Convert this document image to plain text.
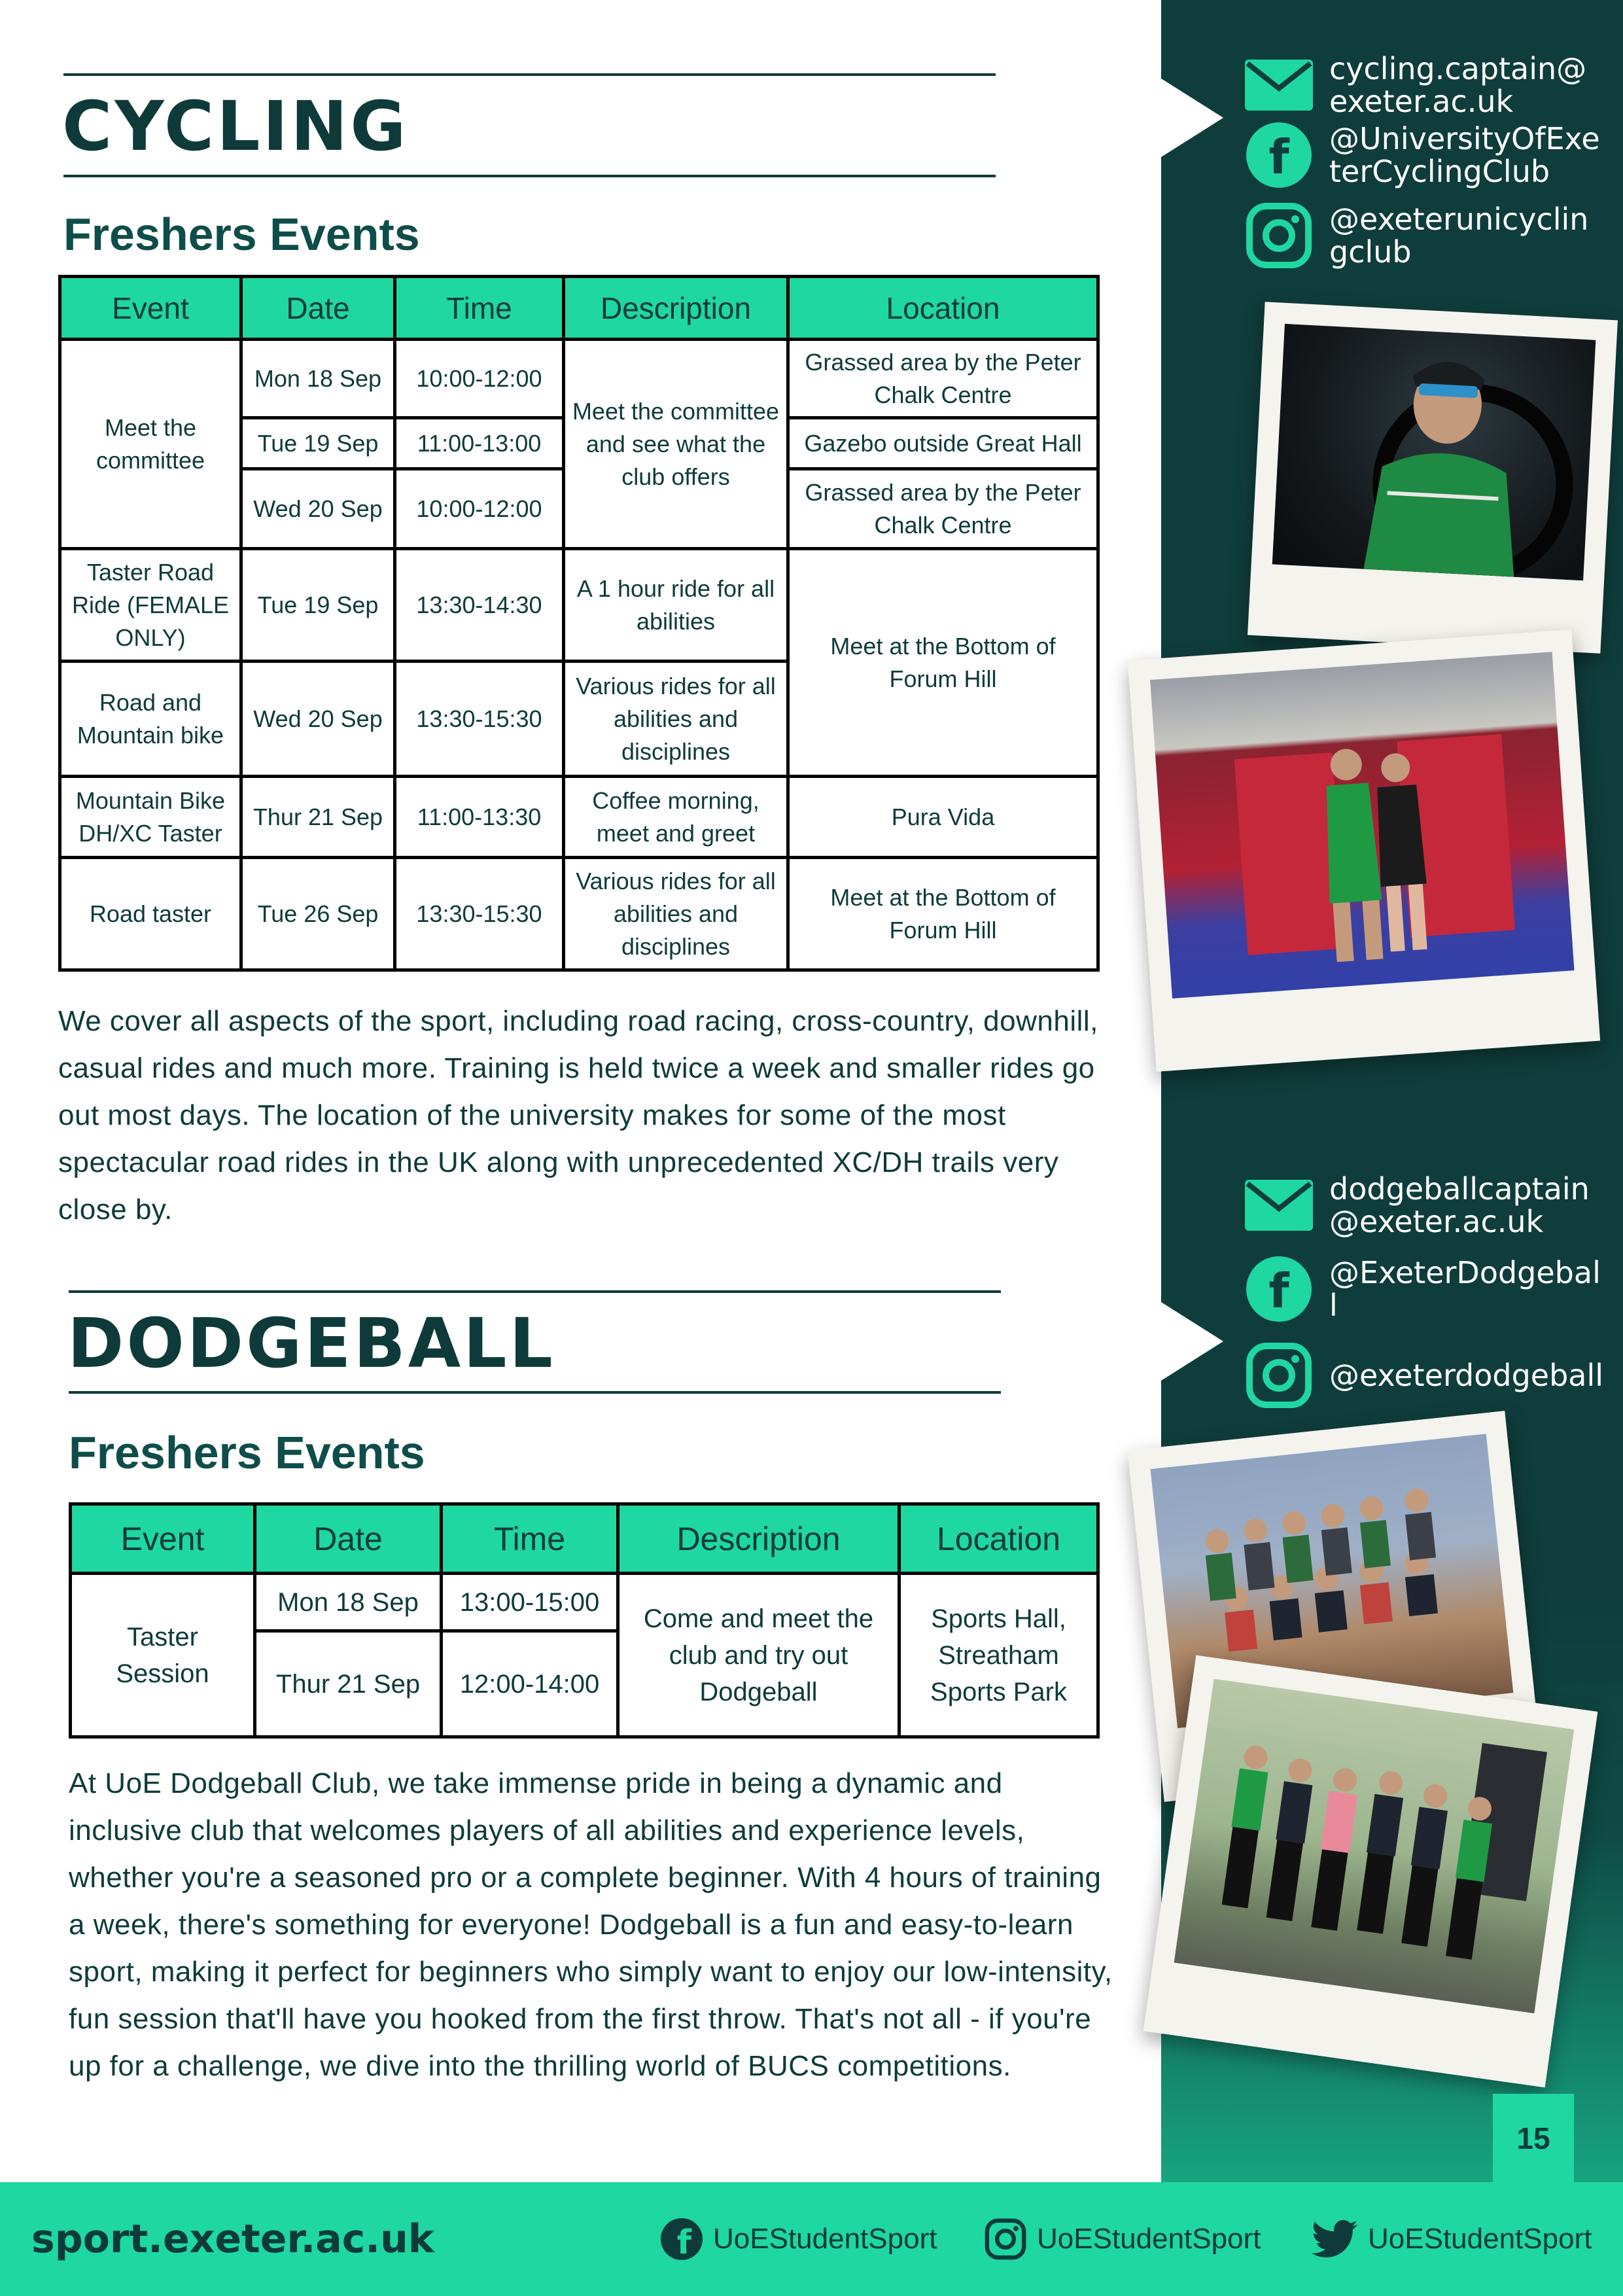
cycling.captain@exeter.ac.uk
f @UniversityOfExeterCyclingClub
@exeterunicyclingclub
dodgeballcaptain@exeter.ac.uk
f @ExeterDodgeball
@exeterdodgeball
15
CYCLING
Freshers Events
Event	Date	Time	Description	Location
Meet the committee	Mon 18 Sep	10:00-12:00	Meet the committee and see what the club offers	Grassed area by the Peter Chalk Centre
	Tue 19 Sep	11:00-13:00		Gazebo outside Great Hall
	Wed 20 Sep	10:00-12:00		Grassed area by the Peter Chalk Centre
Taster Road Ride (FEMALE ONLY)	Tue 19 Sep	13:30-14:30	A 1 hour ride for all abilities	Meet at the Bottom of Forum Hill
Road and Mountain bike	Wed 20 Sep	13:30-15:30	Various rides for all abilities and disciplines	
Mountain Bike DH/XC Taster	Thur 21 Sep	11:00-13:30	Coffee morning, meet and greet	Pura Vida
Road taster	Tue 26 Sep	13:30-15:30	Various rides for all abilities and disciplines	Meet at the Bottom of Forum Hill
We cover all aspects of the sport, including road racing, cross-country, downhill, casual rides and much more. Training is held twice a week and smaller rides go out most days. The location of the university makes for some of the most spectacular road rides in the UK along with unprecedented XC/DH trails very close by.
DODGEBALL
Freshers Events
Event	Date	Time	Description	Location
Taster Session	Mon 18 Sep	13:00-15:00	Come and meet the club and try out Dodgeball	Sports Hall, Streatham Sports Park
	Thur 21 Sep	12:00-14:00		
At UoE Dodgeball Club, we take immense pride in being a dynamic and inclusive club that welcomes players of all abilities and experience levels, whether you're a seasoned pro or a complete beginner. With 4 hours of training a week, there's something for everyone! Dodgeball is a fun and easy-to-learn sport, making it perfect for beginners who simply want to enjoy our low-intensity, fun session that'll have you hooked from the first throw. That's not all - if you're up for a challenge, we dive into the thrilling world of BUCS competitions.
sport.exeter.ac.uk	f UoEStudentSport	UoEStudentSport	UoEStudentSport
